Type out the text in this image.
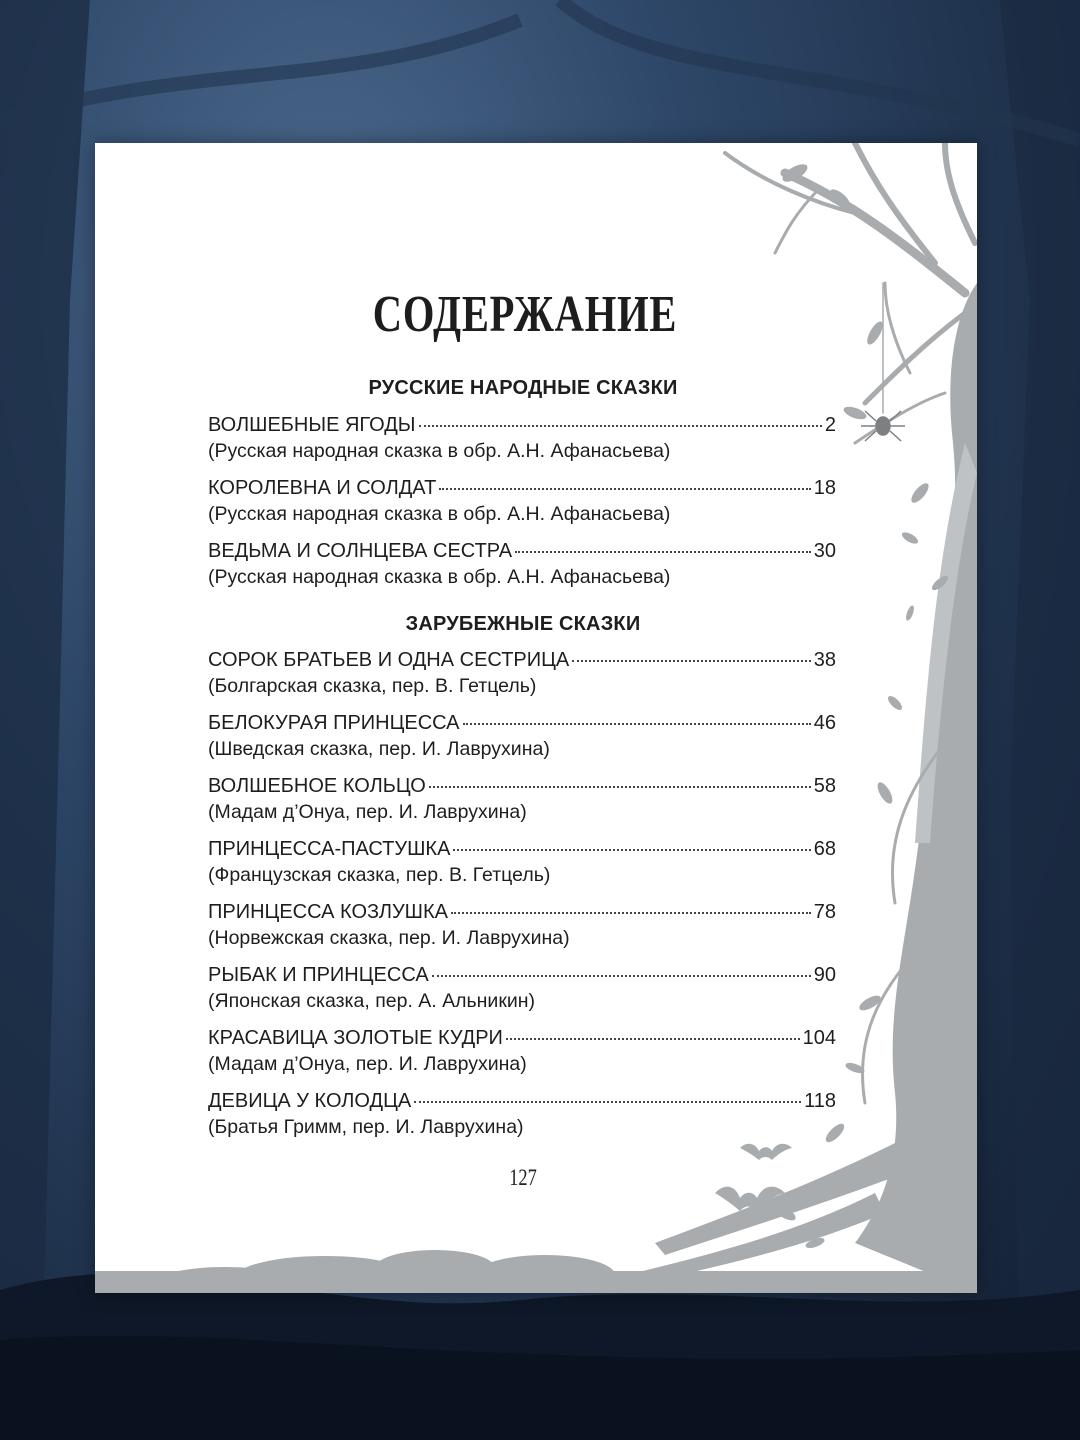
СОДЕРЖАНИЕ
РУССКИЕ НАРОДНЫЕ СКАЗКИ
ВОЛШЕБНЫЕ ЯГОДЫ	2
(Русская народная сказка в обр. А.Н. Афанасьева)
КОРОЛЕВНА И СОЛДАТ	18
(Русская народная сказка в обр. А.Н. Афанасьева)
ВЕДЬМА И СОЛНЦЕВА СЕСТРА	30
(Русская народная сказка в обр. А.Н. Афанасьева)
ЗАРУБЕЖНЫЕ СКАЗКИ
СОРОК БРАТЬЕВ И ОДНА СЕСТРИЦА	38
(Болгарская сказка, пер. В. Гетцель)
БЕЛОКУРАЯ ПРИНЦЕССА	46
(Шведская сказка, пер. И. Лаврухина)
ВОЛШЕБНОЕ КОЛЬЦО	58
(Мадам д’Онуа, пер. И. Лаврухина)
ПРИНЦЕССА-ПАСТУШКА	68
(Французская сказка, пер. В. Гетцель)
ПРИНЦЕССА КОЗЛУШКА	78
(Норвежская сказка, пер. И. Лаврухина)
РЫБАК И ПРИНЦЕССА	90
(Японская сказка, пер. А. Альникин)
КРАСАВИЦА ЗОЛОТЫЕ КУДРИ	104
(Мадам д’Онуа, пер. И. Лаврухина)
ДЕВИЦА У КОЛОДЦА	118
(Братья Гримм, пер. И. Лаврухина)
127
